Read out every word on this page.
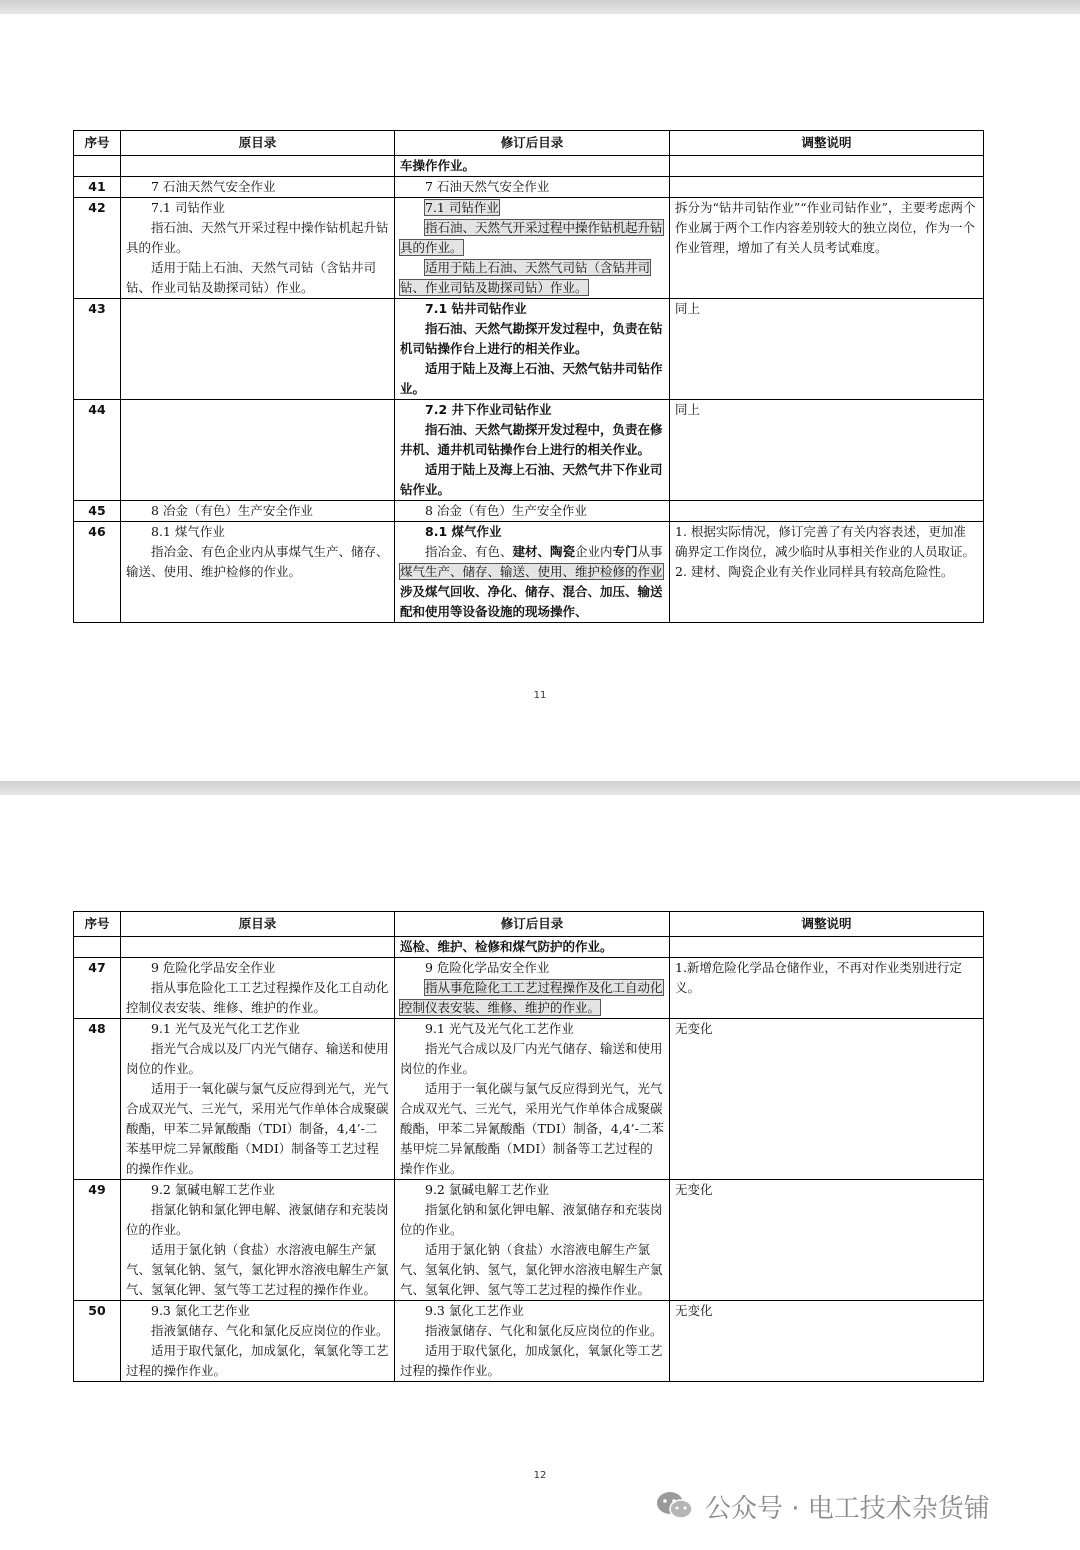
序号	原目录	修订后目录	调整说明

		车操作作业。	

41	7 石油天然气安全作业	7 石油天然气安全作业	

42	7.1 司钻作业
指石油、天然气开采过程中操作钻机起升钻具的作业。
适用于陆上石油、天然气司钻（含钻井司钻、作业司钻及勘探司钻）作业。	7.1 司钻作业
指石油、天然气开采过程中操作钻机起升钻具的作业。
适用于陆上石油、天然气司钻（含钻井司钻、作业司钻及勘探司钻）作业。	拆分为“钻井司钻作业”“作业司钻作业”，主要考虑两个作业属于两个工作内容差别较大的独立岗位，作为一个作业管理，增加了有关人员考试难度。

43		7.1 钻井司钻作业
指石油、天然气勘探开发过程中，负责在钻机司钻操作台上进行的相关作业。
适用于陆上及海上石油、天然气钻井司钻作业。	同上

44		7.2 井下作业司钻作业
指石油、天然气勘探开发过程中，负责在修井机、通井机司钻操作台上进行的相关作业。
适用于陆上及海上石油、天然气井下作业司钻作业。	同上

45	8 冶金（有色）生产安全作业	8 冶金（有色）生产安全作业	

46	8.1 煤气作业
指冶金、有色企业内从事煤气生产、储存、输送、使用、维护检修的作业。	8.1 煤气作业
指冶金、有色、建材、陶瓷企业内专门从事煤气生产、储存、输送、使用、维护检修的作业涉及煤气回收、净化、储存、混合、加压、输送配和使用等设备设施的现场操作、	1. 根据实际情况，修订完善了有关内容表述，更加准确界定工作岗位，减少临时从事相关作业的人员取证。
2. 建材、陶瓷企业有关作业同样具有较高危险性。
11
序号	原目录	修订后目录	调整说明

		巡检、维护、检修和煤气防护的作业。	

47	9 危险化学品安全作业
指从事危险化工工艺过程操作及化工自动化控制仪表安装、维修、维护的作业。	9 危险化学品安全作业
指从事危险化工工艺过程操作及化工自动化控制仪表安装、维修、维护的作业。	1.新增危险化学品仓储作业，不再对作业类别进行定义。

48	9.1 光气及光气化工艺作业
指光气合成以及厂内光气储存、输送和使用岗位的作业。
适用于一氧化碳与氯气反应得到光气，光气合成双光气、三光气，采用光气作单体合成聚碳酸酯，甲苯二异氰酸酯（TDI）制备，4,4’-二苯基甲烷二异氰酸酯（MDI）制备等工艺过程的操作作业。	9.1 光气及光气化工艺作业
指光气合成以及厂内光气储存、输送和使用岗位的作业。
适用于一氧化碳与氯气反应得到光气，光气合成双光气、三光气，采用光气作单体合成聚碳酸酯，甲苯二异氰酸酯（TDI）制备，4,4’-二苯基甲烷二异氰酸酯（MDI）制备等工艺过程的操作作业。	无变化

49	9.2 氯碱电解工艺作业
指氯化钠和氯化钾电解、液氯储存和充装岗位的作业。
适用于氯化钠（食盐）水溶液电解生产氯气、氢氧化钠、氢气，氯化钾水溶液电解生产氯气、氢氧化钾、氢气等工艺过程的操作作业。	9.2 氯碱电解工艺作业
指氯化钠和氯化钾电解、液氯储存和充装岗位的作业。
适用于氯化钠（食盐）水溶液电解生产氯气、氢氧化钠、氢气，氯化钾水溶液电解生产氯气、氢氧化钾、氢气等工艺过程的操作作业。	无变化

50	9.3 氯化工艺作业
指液氯储存、气化和氯化反应岗位的作业。
适用于取代氯化，加成氯化，氧氯化等工艺过程的操作作业。	9.3 氯化工艺作业
指液氯储存、气化和氯化反应岗位的作业。
适用于取代氯化，加成氯化，氧氯化等工艺过程的操作作业。	无变化
12
公众号 · 电工技术杂货铺
